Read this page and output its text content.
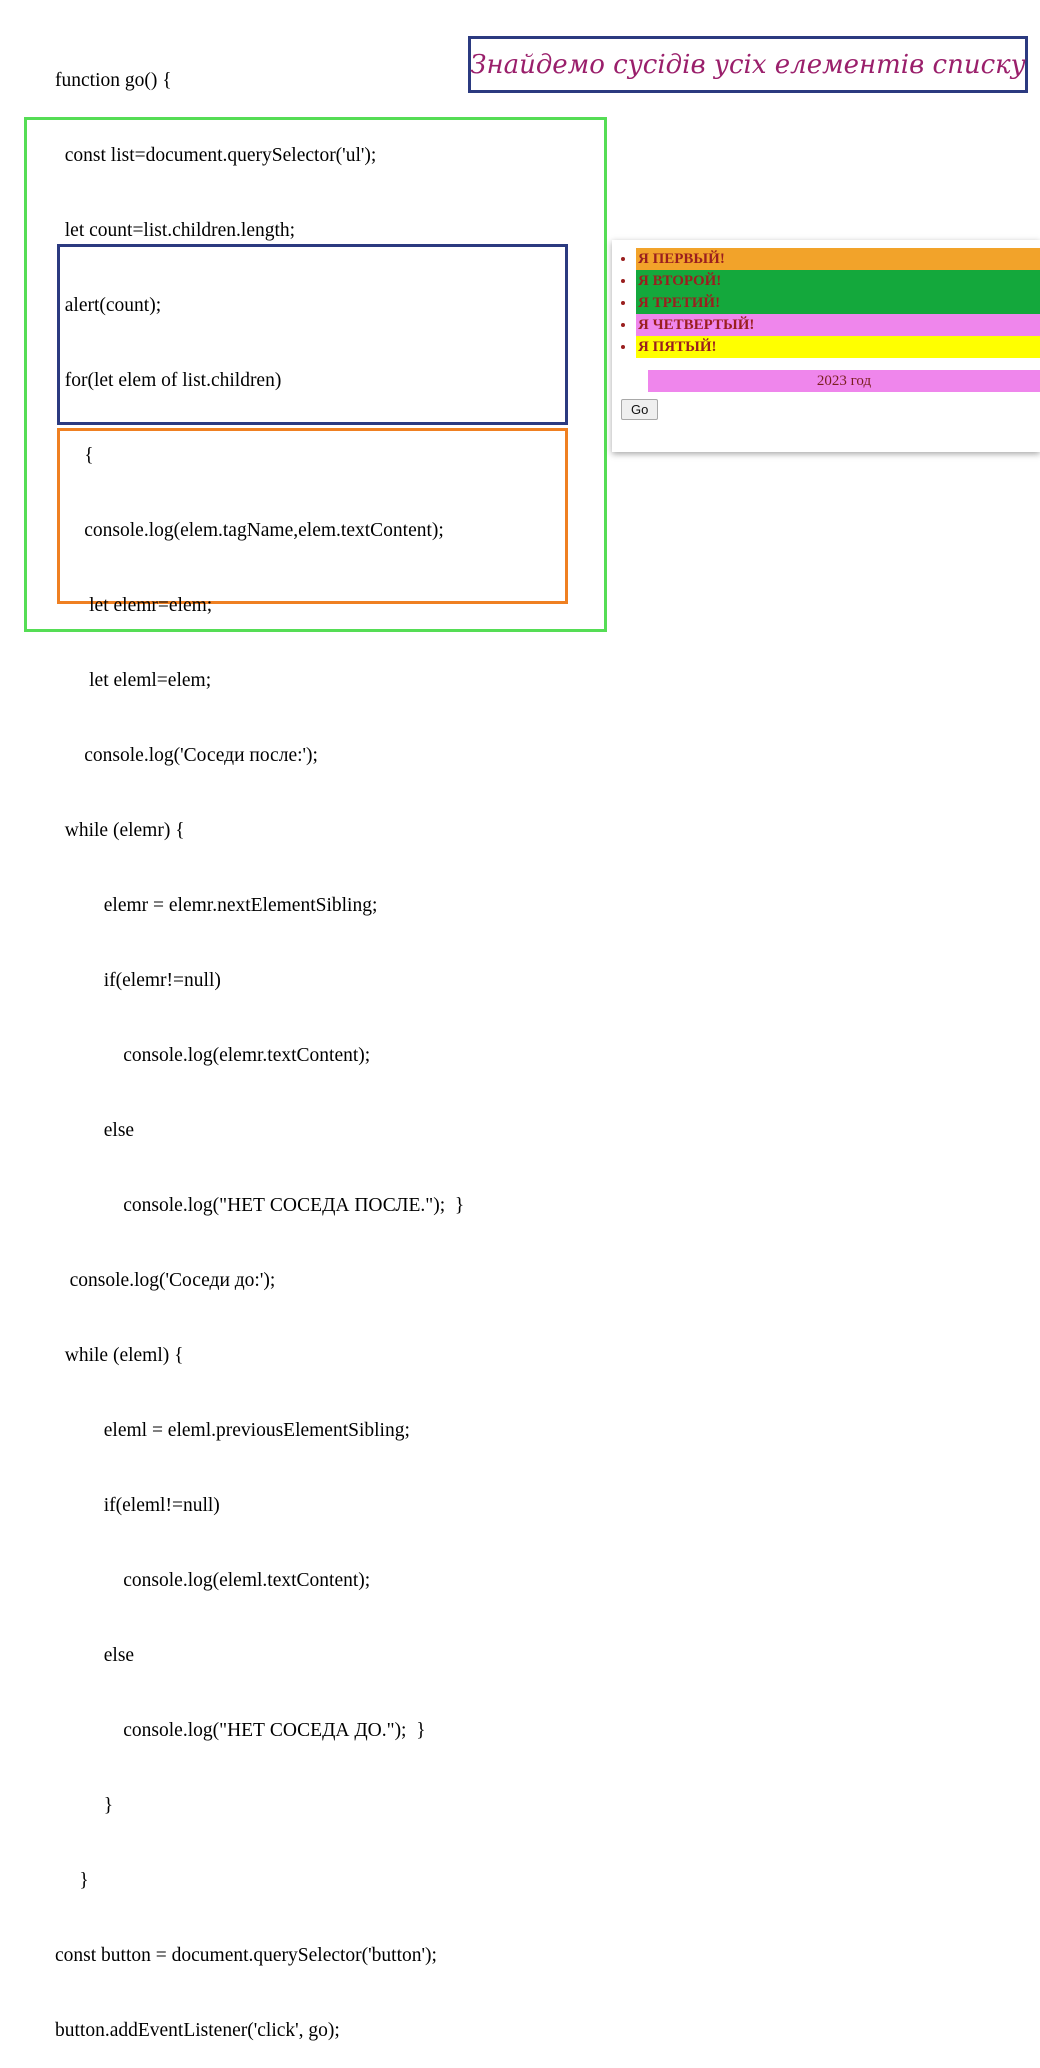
Знайдемо сусідів усіх елементів списку

function go() {

const list=document.querySelector('ul');

let count=list.children.length;

alert(count);

for(let elem of list.children)

{

console.log(elem.tagName,elem.textContent);

let elemr=elem;

let eleml=elem;

console.log('Соседи после:');

while (elemr) {

elemr = elemr.nextElementSibling;

if(elemr!=null)

console.log(elemr.textContent);

else

console.log("НЕТ СОСЕДА ПОСЛЕ.");  }

console.log('Соседи до:');

while (eleml) {

eleml = eleml.previousElementSibling;

if(eleml!=null)

console.log(eleml.textContent);

else

console.log("НЕТ СОСЕДА ДО.");  }

}

}

const button = document.querySelector('button');

button.addEventListener('click', go);

• Я ПЕРВЫЙ!
• Я ВТОРОЙ!
• Я ТРЕТИЙ!
• Я ЧЕТВЕРТЫЙ!
• Я ПЯТЫЙ!
2023 год
Go
